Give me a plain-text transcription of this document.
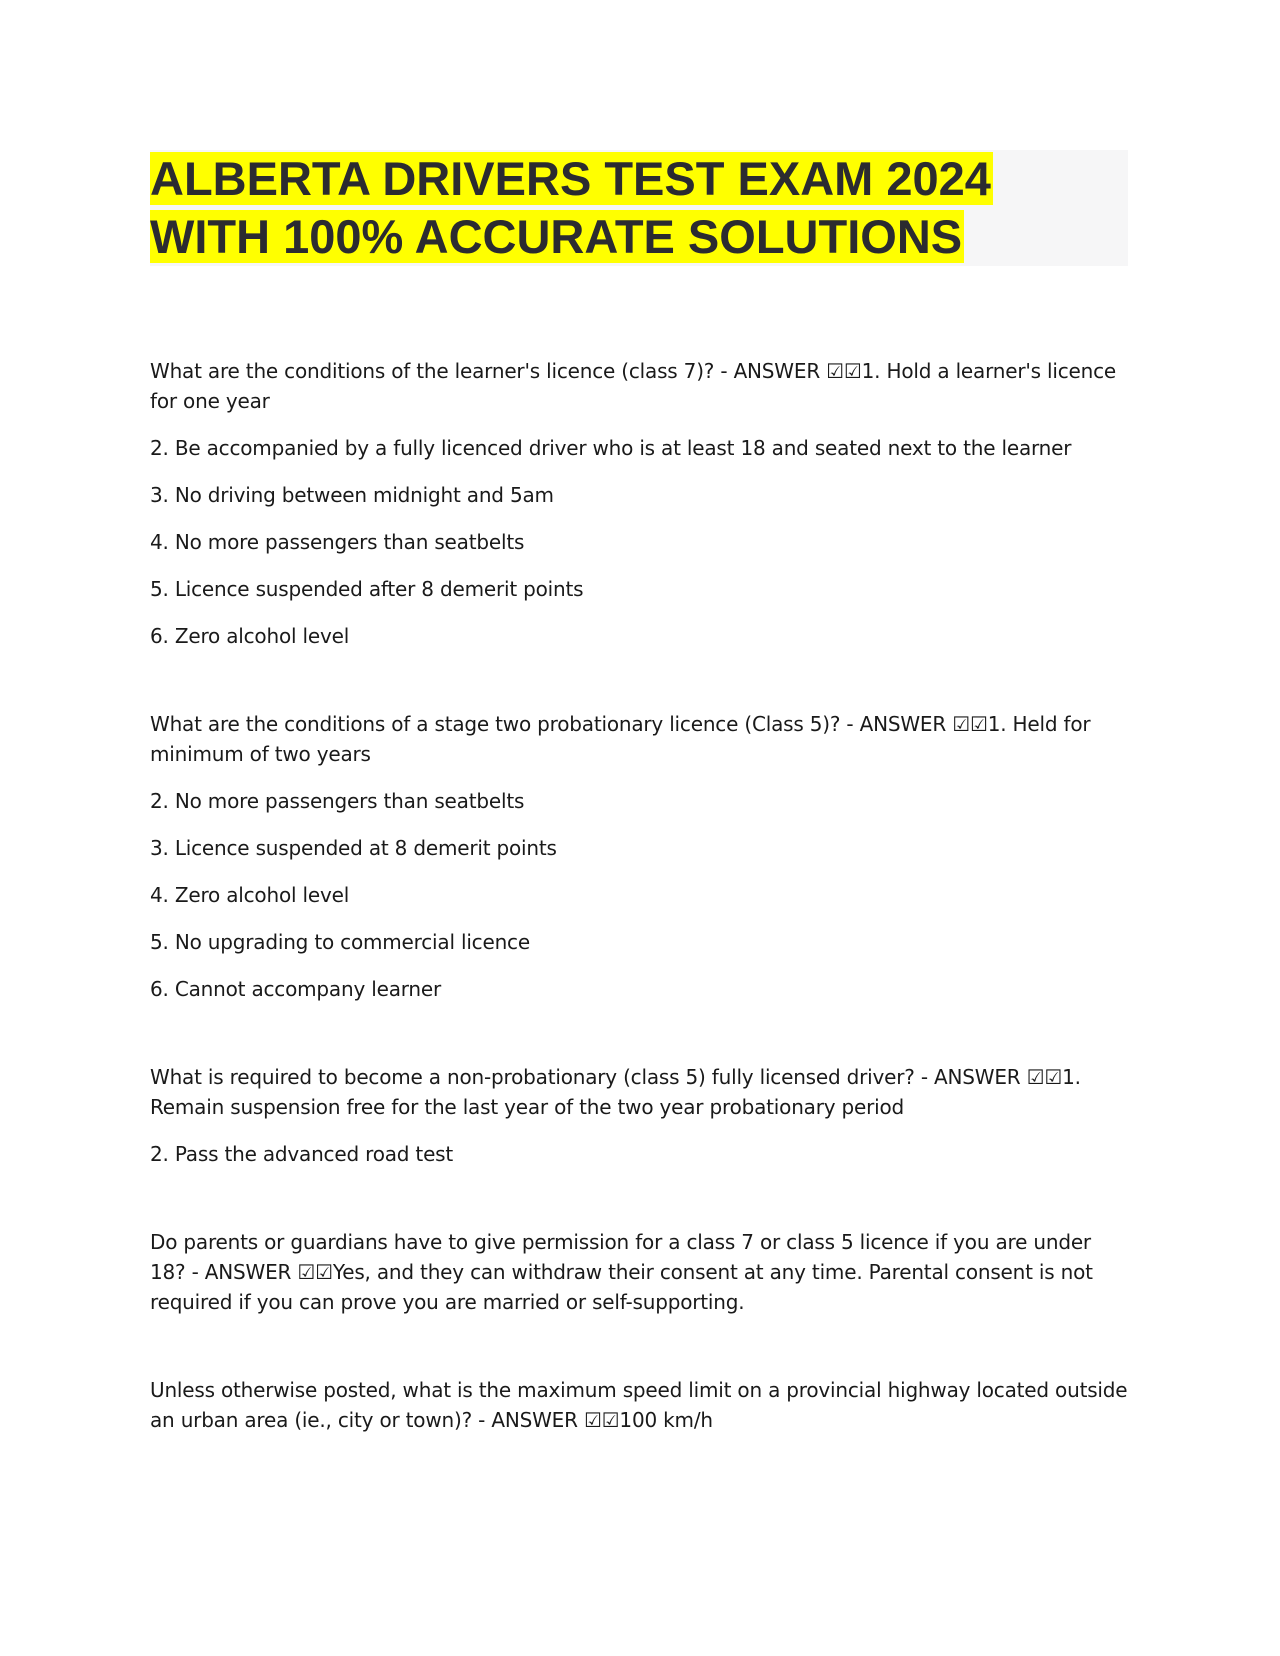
ALBERTA DRIVERS TEST EXAM 2024
WITH 100% ACCURATE SOLUTIONS

What are the conditions of the learner's licence (class 7)? - ANSWER ☑☑1. Hold a learner's licence for one year

2. Be accompanied by a fully licenced driver who is at least 18 and seated next to the learner

3. No driving between midnight and 5am

4. No more passengers than seatbelts

5. Licence suspended after 8 demerit points

6. Zero alcohol level

What are the conditions of a stage two probationary licence (Class 5)? - ANSWER ☑☑1. Held for minimum of two years

2. No more passengers than seatbelts

3. Licence suspended at 8 demerit points

4. Zero alcohol level

5. No upgrading to commercial licence

6. Cannot accompany learner

What is required to become a non-probationary (class 5) fully licensed driver? - ANSWER ☑☑1. Remain suspension free for the last year of the two year probationary period

2. Pass the advanced road test

Do parents or guardians have to give permission for a class 7 or class 5 licence if you are under 18? - ANSWER ☑☑Yes, and they can withdraw their consent at any time. Parental consent is not required if you can prove you are married or self-supporting.

Unless otherwise posted, what is the maximum speed limit on a provincial highway located outside an urban area (ie., city or town)? - ANSWER ☑☑100 km/h
